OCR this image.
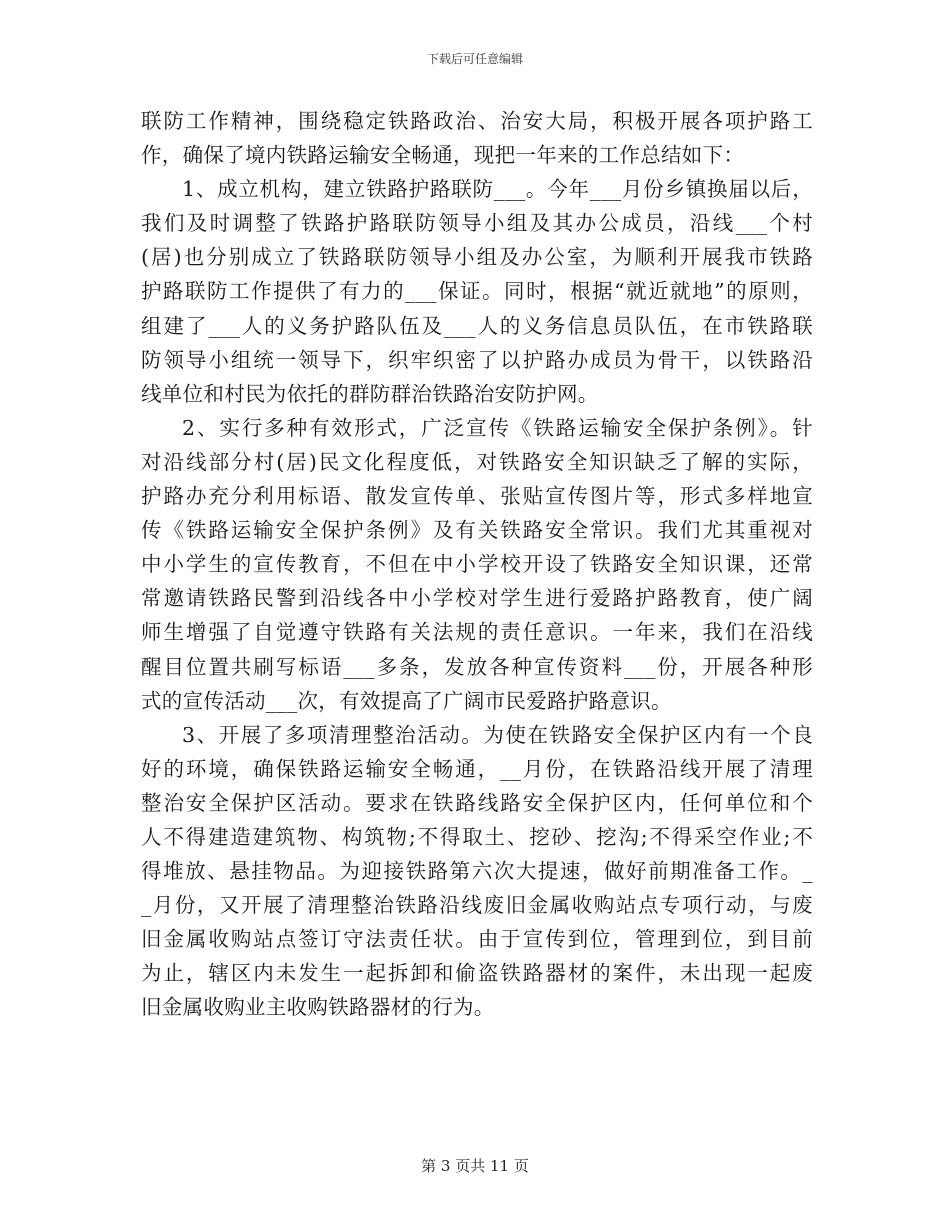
下载后可任意编辑
联防工作精神，围绕稳定铁路政治、治安大局，积极开展各项护路工
作，确保了境内铁路运输安全畅通，现把一年来的工作总结如下：
1、成立机构，建立铁路护路联防___。今年___月份乡镇换届以后，
我们及时调整了铁路护路联防领导小组及其办公成员，沿线___个村
(居)也分别成立了铁路联防领导小组及办公室，为顺利开展我市铁路
护路联防工作提供了有力的___保证。同时，根据“就近就地”的原则，
组建了___人的义务护路队伍及___人的义务信息员队伍，在市铁路联
防领导小组统一领导下，织牢织密了以护路办成员为骨干，以铁路沿
线单位和村民为依托的群防群治铁路治安防护网。
2、实行多种有效形式，广泛宣传《铁路运输安全保护条例》。针
对沿线部分村(居)民文化程度低，对铁路安全知识缺乏了解的实际，
护路办充分利用标语、散发宣传单、张贴宣传图片等，形式多样地宣
传《铁路运输安全保护条例》及有关铁路安全常识。我们尤其重视对
中小学生的宣传教育，不但在中小学校开设了铁路安全知识课，还常
常邀请铁路民警到沿线各中小学校对学生进行爱路护路教育，使广阔
师生增强了自觉遵守铁路有关法规的责任意识。一年来，我们在沿线
醒目位置共刷写标语___多条，发放各种宣传资料___份，开展各种形
式的宣传活动___次，有效提高了广阔市民爱路护路意识。
3、开展了多项清理整治活动。为使在铁路安全保护区内有一个良
好的环境，确保铁路运输安全畅通，__月份，在铁路沿线开展了清理
整治安全保护区活动。要求在铁路线路安全保护区内，任何单位和个
人不得建造建筑物、构筑物;不得取土、挖砂、挖沟;不得采空作业;不
得堆放、悬挂物品。为迎接铁路第六次大提速，做好前期准备工作。_
_月份，又开展了清理整治铁路沿线废旧金属收购站点专项行动，与废
旧金属收购站点签订守法责任状。由于宣传到位，管理到位，到目前
为止，辖区内未发生一起拆卸和偷盗铁路器材的案件，未出现一起废
旧金属收购业主收购铁路器材的行为。
第 3 页共 11 页
